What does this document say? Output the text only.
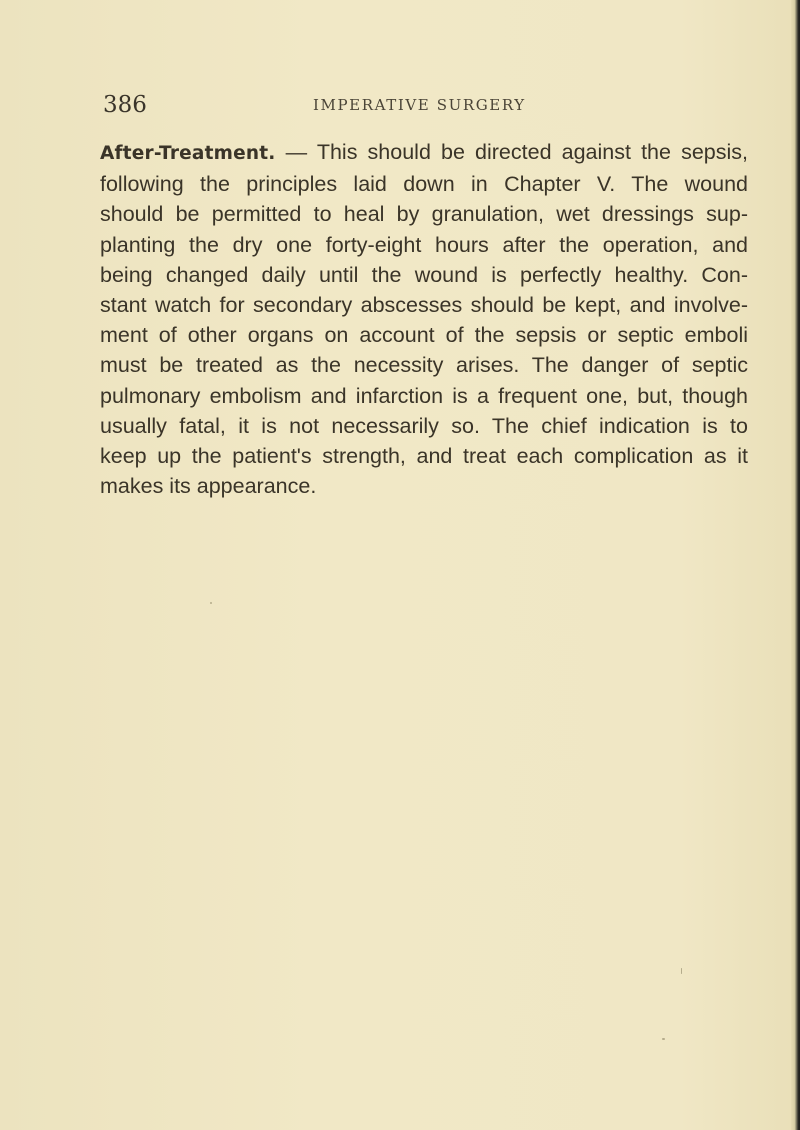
386	IMPERATIVE SURGERY
After-Treatment. — This should be directed against the sepsis,
following the principles laid down in Chapter V. The wound
should be permitted to heal by granulation, wet dressings sup-
planting the dry one forty-eight hours after the operation, and
being changed daily until the wound is perfectly healthy. Con-
stant watch for secondary abscesses should be kept, and involve-
ment of other organs on account of the sepsis or septic emboli
must be treated as the necessity arises. The danger of septic
pulmonary embolism and infarction is a frequent one, but, though
usually fatal, it is not necessarily so. The chief indication is to
keep up the patient's strength, and treat each complication as it
makes its appearance.
